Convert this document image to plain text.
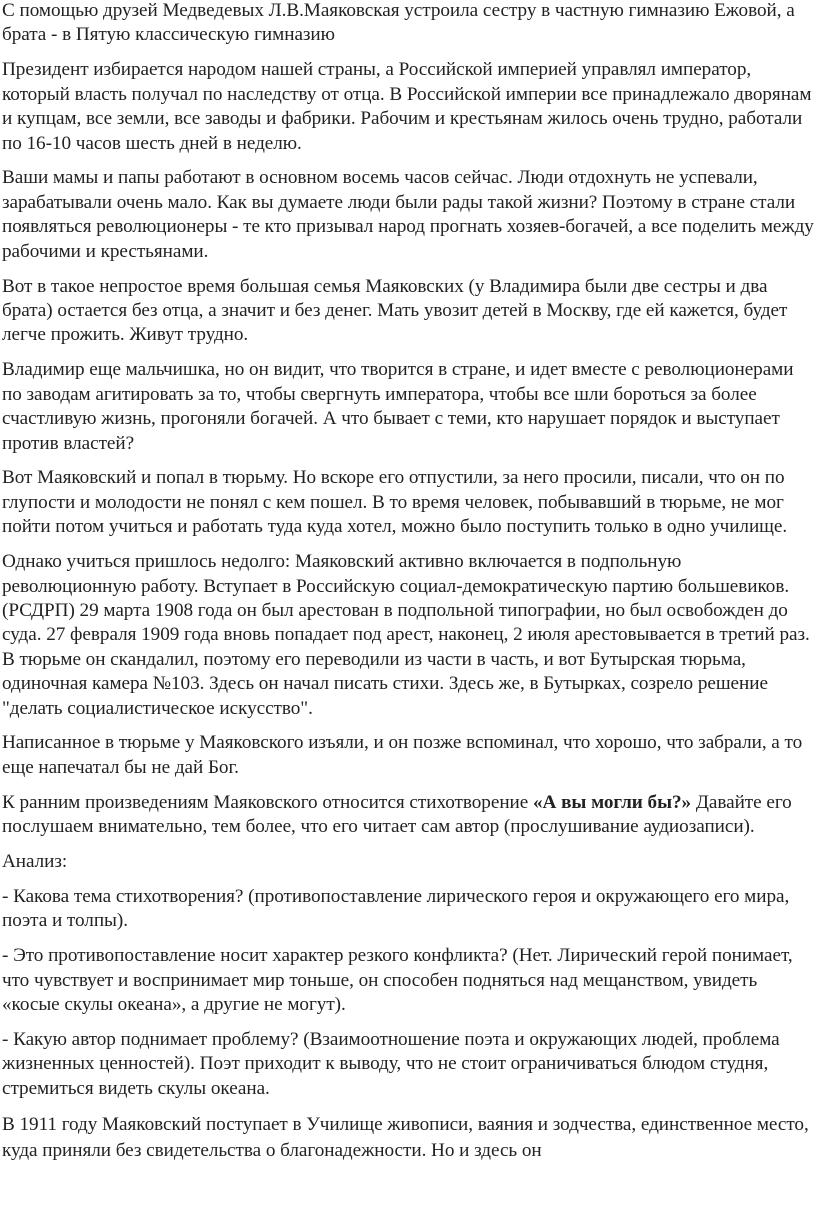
С помощью друзей Медведевых Л.В.Маяковская устроила сестру в частную гимназию Ежовой, а брата - в Пятую классическую гимназию

Президент избирается народом нашей страны, а Российской империей управлял император, который власть получал по наследству от отца. В Российской империи все принадлежало дворянам и купцам, все земли, все заводы и фабрики. Рабочим и крестьянам жилось очень трудно, работали по 16-10 часов шесть дней в неделю.

Ваши мамы и папы работают в основном восемь часов сейчас. Люди отдохнуть не успевали, зарабатывали очень мало. Как вы думаете люди были рады такой жизни? Поэтому в стране стали появляться революционеры - те кто призывал народ прогнать хозяев-богачей, а все поделить между рабочими и крестьянами.

Вот в такое непростое время большая семья Маяковских (у Владимира были две сестры и два брата) остается без отца, а значит и без денег. Мать увозит детей в Москву, где ей кажется, будет легче прожить. Живут трудно.

Владимир еще мальчишка, но он видит, что творится в стране, и идет вместе с революционерами по заводам агитировать за то, чтобы свергнуть императора, чтобы все шли бороться за более счастливую жизнь, прогоняли богачей. А что бывает с теми, кто нарушает порядок и выступает против властей?

Вот Маяковский и попал в тюрьму. Но вскоре его отпустили, за него просили, писали, что он по глупости и молодости не понял с кем пошел. В то время человек, побывавший в тюрьме, не мог пойти потом учиться и работать туда куда хотел, можно было поступить только в одно училище.

Однако учиться пришлось недолго: Маяковский активно включается в подпольную революционную работу. Вступает в Российскую социал-демократическую партию большевиков. (РСДРП) 29 марта 1908 года он был арестован в подпольной типографии, но был освобожден до суда. 27 февраля 1909 года вновь попадает под арест, наконец, 2 июля арестовывается в третий раз. В тюрьме он скандалил, поэтому его переводили из части в часть, и вот Бутырская тюрьма, одиночная камера №103. Здесь он начал писать стихи. Здесь же, в Бутырках, созрело решение "делать социалистическое искусство".

Написанное в тюрьме у Маяковского изъяли, и он позже вспоминал, что хорошо, что забрали, а то еще напечатал бы не дай Бог.

К ранним произведениям Маяковского относится стихотворение «А вы могли бы?» Давайте его послушаем внимательно, тем более, что его читает сам автор (прослушивание аудиозаписи).

Анализ:

- Какова тема стихотворения? (противопоставление лирического героя и окружающего его мира, поэта и толпы).

- Это противопоставление носит характер резкого конфликта? (Нет. Лирический герой понимает, что чувствует и воспринимает мир тоньше, он способен подняться над мещанством, увидеть «косые скулы океана», а другие не могут).

- Какую автор поднимает проблему? (Взаимоотношение поэта и окружающих людей, проблема жизненных ценностей). Поэт приходит к выводу, что не стоит ограничиваться блюдом студня, стремиться видеть скулы океана.

В 1911 году Маяковский поступает в Училище живописи, ваяния и зодчества, единственное место, куда приняли без свидетельства о благонадежности. Но и здесь он
